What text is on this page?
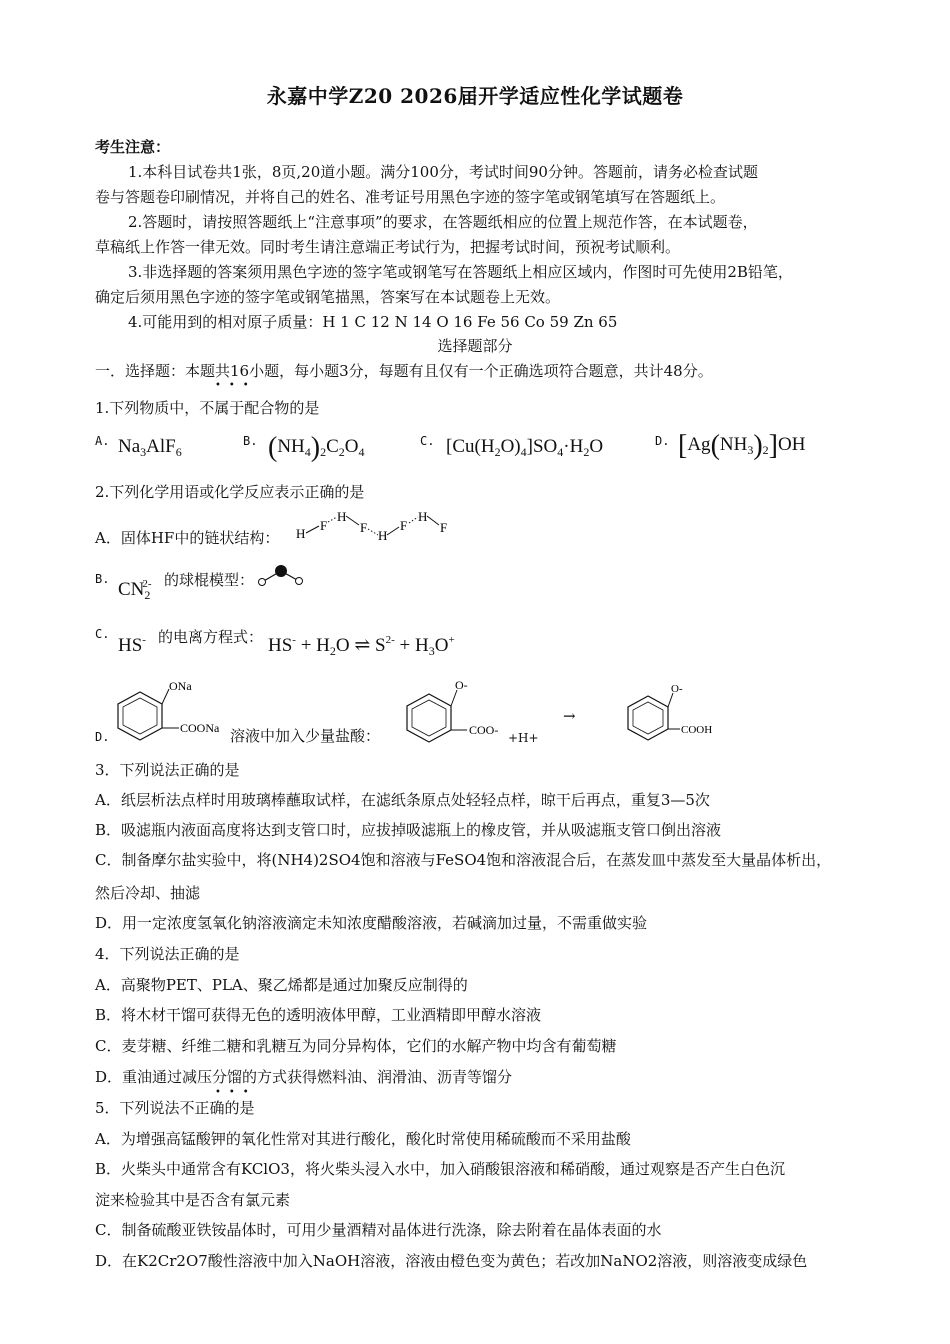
永嘉中学Z20 2026届开学适应性化学试题卷
考生注意：
1.本科目试卷共1张，8页,20道小题。满分100分，考试时间90分钟。答题前，请务必检查试题
卷与答题卷印刷情况，并将自己的姓名、准考证号用黑色字迹的签字笔或钢笔填写在答题纸上。
2.答题时，请按照答题纸上“注意事项”的要求，在答题纸相应的位置上规范作答，在本试题卷，
草稿纸上作答一律无效。同时考生请注意端正考试行为，把握考试时间，预祝考试顺利。
3.非选择题的答案须用黑色字迹的签字笔或钢笔写在答题纸上相应区域内，作图时可先使用2B铅笔，
确定后须用黑色字迹的签字笔或钢笔描黑，答案写在本试题卷上无效。
4.可能用到的相对原子质量：H 1 C 12 N 14 O 16 Fe 56 Co 59 Zn 65
选择题部分
一．选择题：本题共16小题，每小题3分，每题有且仅有一个正确选项符合题意，共计48分。
•••
1.下列物质中，不属于配合物的是
A. $Na_3AlF_6$
B. $(NH_4)_2C_2O_4$
C. $[Cu(H_2O)_4]SO_4\cdot H_2O$	D. $[Ag(NH_3)_2]OH$
2.下列化学用语或化学反应表示正确的是
A．固体HF中的链状结构： H
F
H
F
H
F
H
F
B. $CN_2^{2-}$ 的球棍模型：
C.
HS- 的电离方程式： $HS^- + H_2O$ ⇌ $S^{2-} + H_3O^+$
D.
ONa
COONa 溶液中加入少量盐酸：
O-
COO-
+H+
→
O-
COOH
3．下列说法正确的是
A．纸层析法点样时用玻璃棒蘸取试样，在滤纸条原点处轻轻点样，晾干后再点，重复3—5次
B．吸滤瓶内液面高度将达到支管口时，应拔掉吸滤瓶上的橡皮管，并从吸滤瓶支管口倒出溶液
C．制备摩尔盐实验中，将(NH4)2SO4饱和溶液与FeSO4饱和溶液混合后，在蒸发皿中蒸发至大量晶体析出，
然后冷却、抽滤
D．用一定浓度氢氧化钠溶液滴定未知浓度醋酸溶液，若碱滴加过量，不需重做实验
4．下列说法正确的是
A．高聚物PET、PLA、聚乙烯都是通过加聚反应制得的
B．将木材干馏可获得无色的透明液体甲醇，工业酒精即甲醇水溶液
C．麦芽糖、纤维二糖和乳糖互为同分异构体，它们的水解产物中均含有葡萄糖
D．重油通过减压分馏的方式获得燃料油、润滑油、沥青等馏分
•••
5．下列说法不正确的是
A．为增强高锰酸钾的氧化性常对其进行酸化，酸化时常使用稀硫酸而不采用盐酸
B．火柴头中通常含有KClO3，将火柴头浸入水中，加入硝酸银溶液和稀硝酸，通过观察是否产生白色沉
淀来检验其中是否含有氯元素
C．制备硫酸亚铁铵晶体时，可用少量酒精对晶体进行洗涤，除去附着在晶体表面的水
D．在K2Cr2O7酸性溶液中加入NaOH溶液，溶液由橙色变为黄色；若改加NaNO2溶液，则溶液变成绿色
